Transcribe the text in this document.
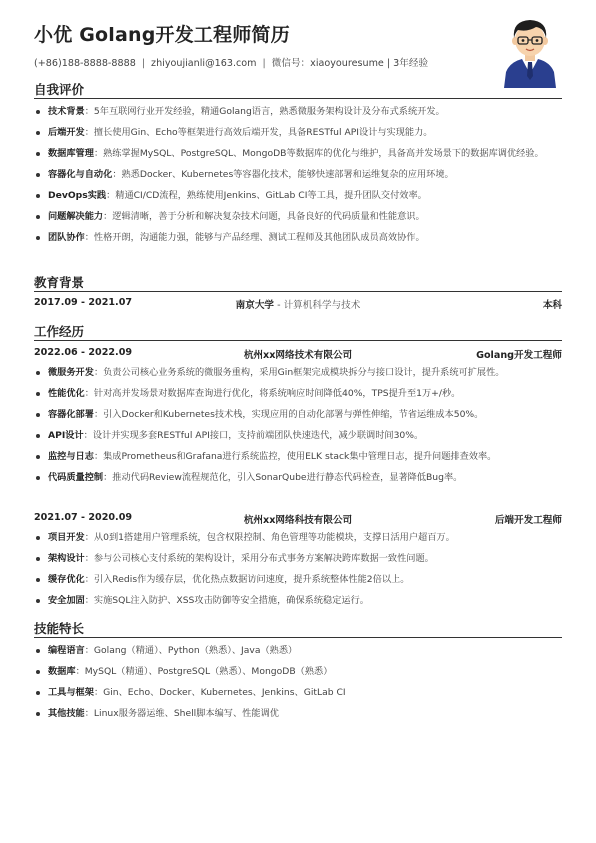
小优 Golang开发工程师简历
(+86)188-8888-8888 | zhiyoujianli@163.com | 微信号：xiaoyouresume | 3年经验
自我评价
技术背景：5年互联网行业开发经验，精通Golang语言，熟悉微服务架构设计及分布式系统开发。
后端开发：擅长使用Gin、Echo等框架进行高效后端开发，具备RESTful API设计与实现能力。
数据库管理：熟练掌握MySQL、PostgreSQL、MongoDB等数据库的优化与维护，具备高并发场景下的数据库调优经验。
容器化与自动化：熟悉Docker、Kubernetes等容器化技术，能够快速部署和运维复杂的应用环境。
DevOps实践：精通CI/CD流程，熟练使用Jenkins、GitLab CI等工具，提升团队交付效率。
问题解决能力：逻辑清晰，善于分析和解决复杂技术问题，具备良好的代码质量和性能意识。
团队协作：性格开朗，沟通能力强，能够与产品经理、测试工程师及其他团队成员高效协作。
教育背景
2017.09 - 2021.07	南京大学 - 计算机科学与技术	本科
工作经历
2022.06 - 2022.09	杭州xx网络技术有限公司	Golang开发工程师
微服务开发：负责公司核心业务系统的微服务重构，采用Gin框架完成模块拆分与接口设计，提升系统可扩展性。
性能优化：针对高并发场景对数据库查询进行优化，将系统响应时间降低40%，TPS提升至1万+/秒。
容器化部署：引入Docker和Kubernetes技术栈，实现应用的自动化部署与弹性伸缩，节省运维成本50%。
API设计：设计并实现多套RESTful API接口，支持前端团队快速迭代，减少联调时间30%。
监控与日志：集成Prometheus和Grafana进行系统监控，使用ELK stack集中管理日志，提升问题排查效率。
代码质量控制：推动代码Review流程规范化，引入SonarQube进行静态代码检查，显著降低Bug率。
2021.07 - 2020.09	杭州xx网络科技有限公司	后端开发工程师
项目开发：从0到1搭建用户管理系统，包含权限控制、角色管理等功能模块，支撑日活用户超百万。
架构设计：参与公司核心支付系统的架构设计，采用分布式事务方案解决跨库数据一致性问题。
缓存优化：引入Redis作为缓存层，优化热点数据访问速度，提升系统整体性能2倍以上。
安全加固：实施SQL注入防护、XSS攻击防御等安全措施，确保系统稳定运行。
技能特长
编程语言：Golang（精通）、Python（熟悉）、Java（熟悉）
数据库：MySQL（精通）、PostgreSQL（熟悉）、MongoDB（熟悉）
工具与框架：Gin、Echo、Docker、Kubernetes、Jenkins、GitLab CI
其他技能：Linux服务器运维、Shell脚本编写、性能调优
